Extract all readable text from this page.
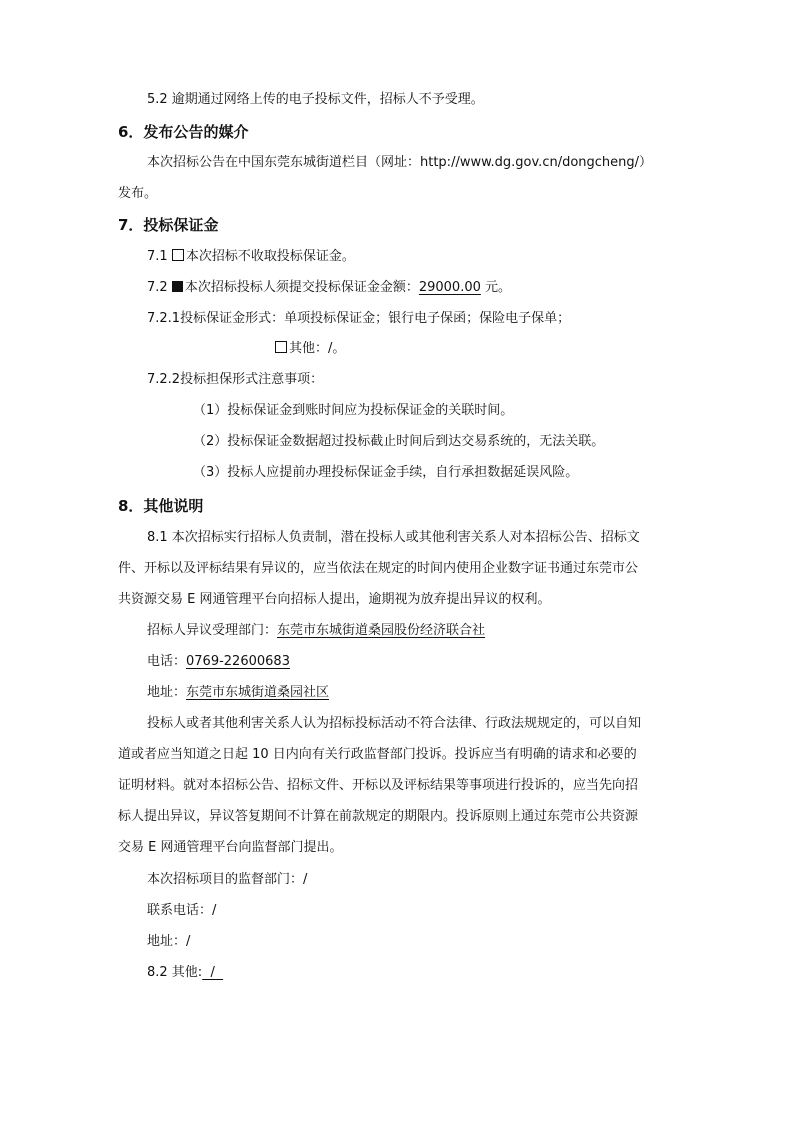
5.2 逾期通过网络上传的电子投标文件，招标人不予受理。
6．发布公告的媒介
本次招标公告在中国东莞东城街道栏目（网址：http://www.dg.gov.cn/dongcheng/）
发布。
7．投标保证金
7.1 本次招标不收取投标保证金。
7.2 本次招标投标人须提交投标保证金金额：29000.00 元。
7.2.1投标保证金形式：单项投标保证金；银行电子保函；保险电子保单；
其他：/。
7.2.2投标担保形式注意事项：
（1）投标保证金到账时间应为投标保证金的关联时间。
（2）投标保证金数据超过投标截止时间后到达交易系统的，无法关联。
（3）投标人应提前办理投标保证金手续，自行承担数据延误风险。
8．其他说明
8.1 本次招标实行招标人负责制，潜在投标人或其他利害关系人对本招标公告、招标文
件、开标以及评标结果有异议的，应当依法在规定的时间内使用企业数字证书通过东莞市公
共资源交易 E 网通管理平台向招标人提出，逾期视为放弃提出异议的权利。
招标人异议受理部门：东莞市东城街道桑园股份经济联合社
电话：0769-22600683
地址：东莞市东城街道桑园社区
投标人或者其他利害关系人认为招标投标活动不符合法律、行政法规规定的，可以自知
道或者应当知道之日起 10 日内向有关行政监督部门投诉。投诉应当有明确的请求和必要的
证明材料。就对本招标公告、招标文件、开标以及评标结果等事项进行投诉的，应当先向招
标人提出异议，异议答复期间不计算在前款规定的期限内。投诉原则上通过东莞市公共资源
交易 E 网通管理平台向监督部门提出。
本次招标项目的监督部门：/
联系电话：/
地址：/
8.2 其他:  /
